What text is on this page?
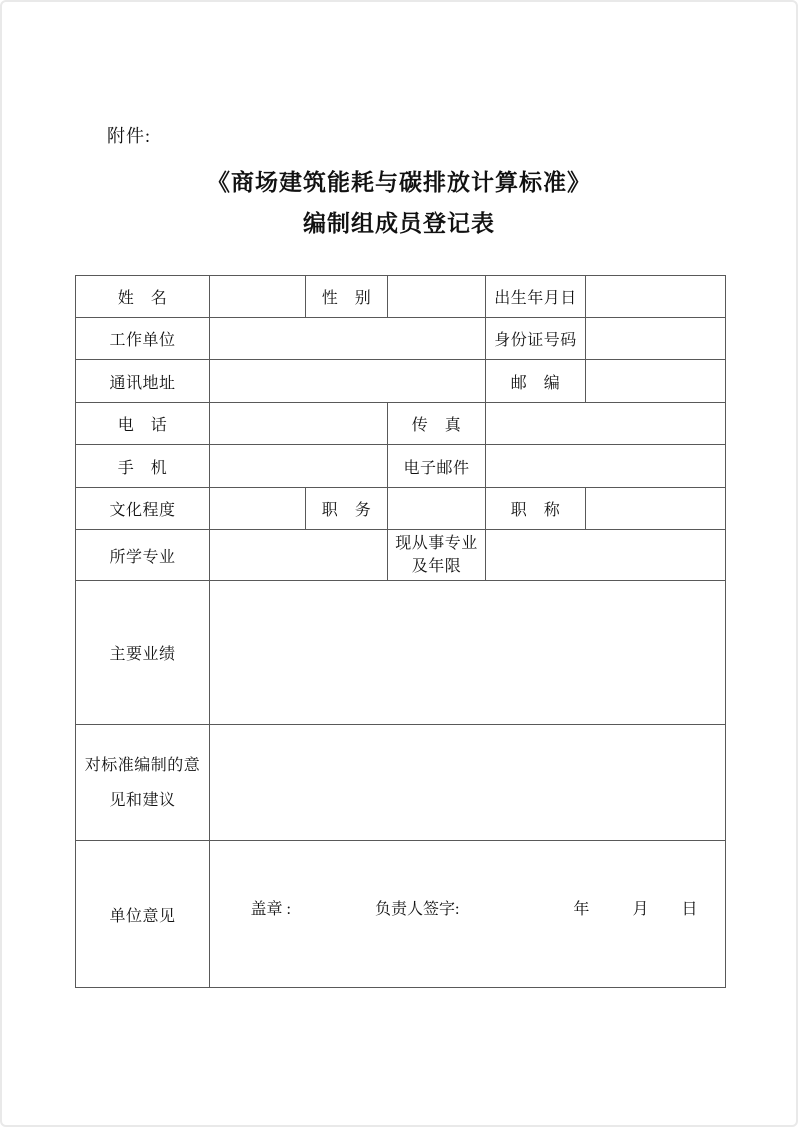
附件:
《商场建筑能耗与碳排放计算标准》
编制组成员登记表
姓　名		性　别		出生年月日	
工作单位				身份证号码	
通讯地址				邮　编	
电　话			传　真		
手　机			电子邮件		
文化程度		职　务		职　称	
所学专业			现从事专业及年限		
主要业绩					
对标准编制的意见和建议					
单位意见	盖章 : 负责人签字: 年 月 日				
